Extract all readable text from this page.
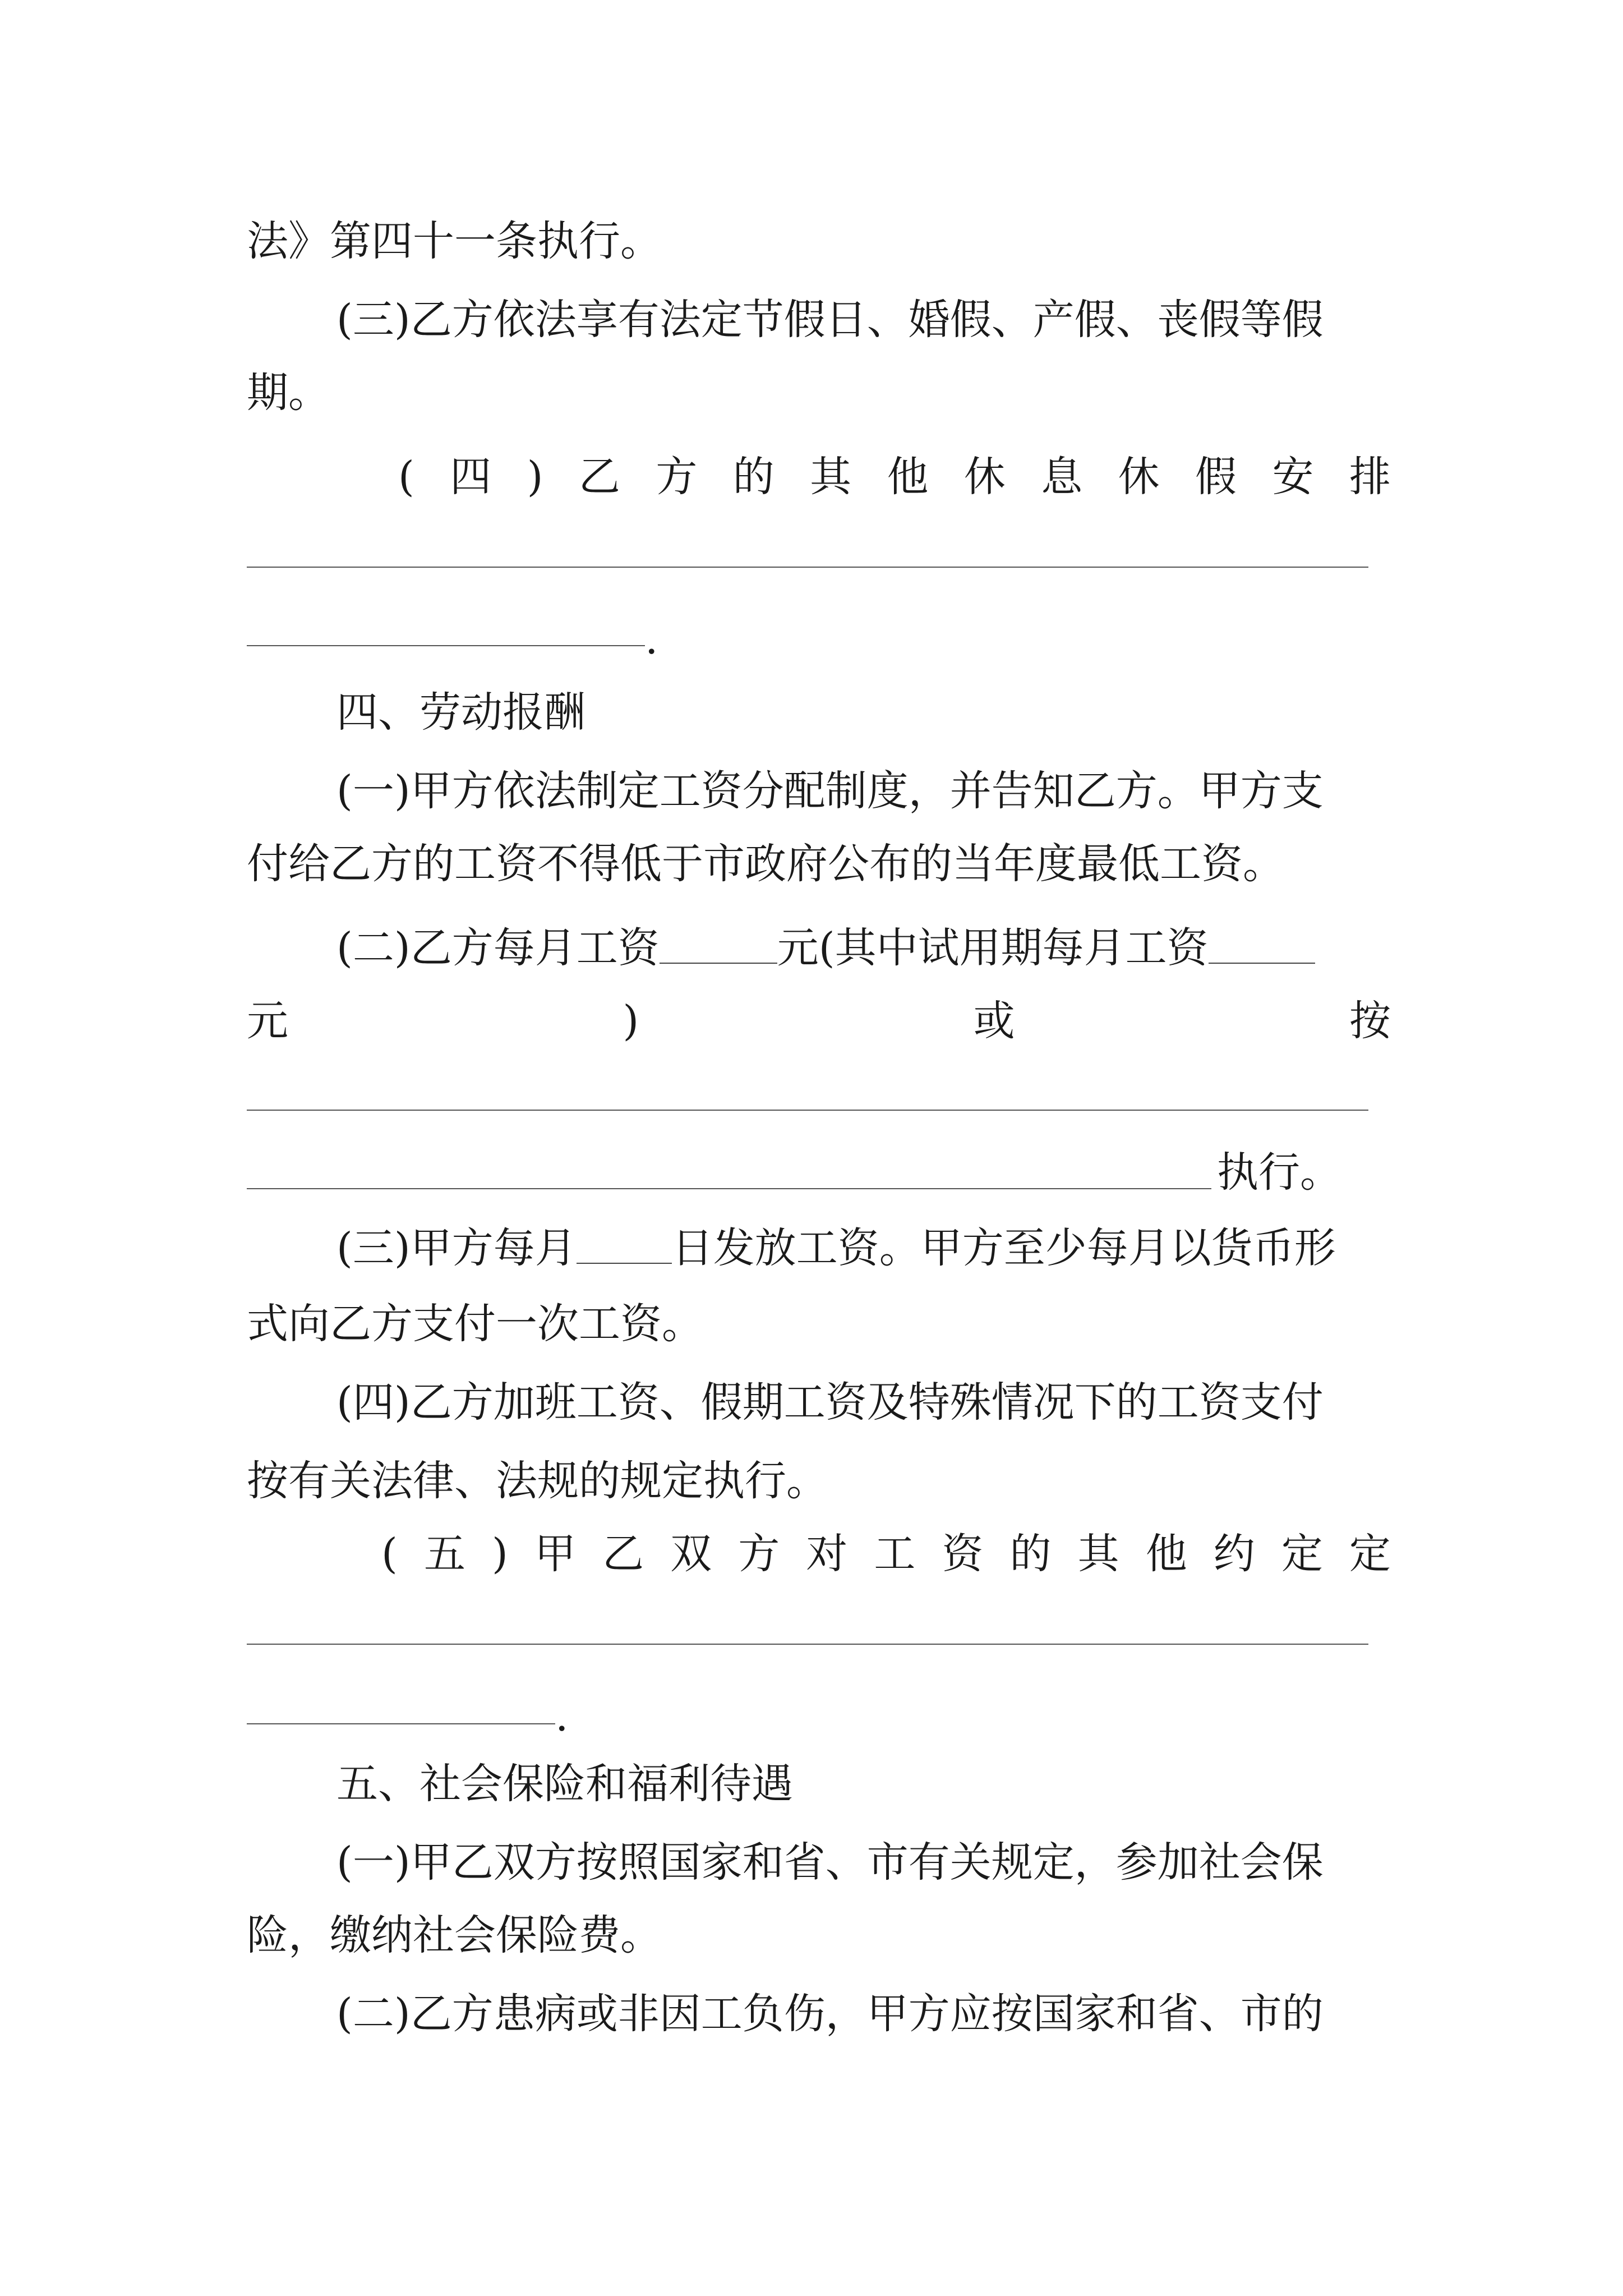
法》第四十一条执行。
(三)乙方依法享有法定节假日、婚假、产假、丧假等假
期。
( 四 ) 乙 方 的 其 他 休 息 休 假 安 排
.
四、劳动报酬
(一)甲方依法制定工资分配制度，并告知乙方。甲方支
付给乙方的工资不得低于市政府公布的当年度最低工资。
(二)乙方每月工资	元(其中试用期每月工资
元	)	或	按
执行。
(三)甲方每月 日发放工资。甲方至少每月以货币形
式向乙方支付一次工资。
(四)乙方加班工资、假期工资及特殊情况下的工资支付
按有关法律、法规的规定执行。
( 五 ) 甲 乙 双 方 对 工 资 的 其 他 约 定 定
.
五、社会保险和福利待遇
(一)甲乙双方按照国家和省、市有关规定，参加社会保
险，缴纳社会保险费。
(二)乙方患病或非因工负伤，甲方应按国家和省、市的
